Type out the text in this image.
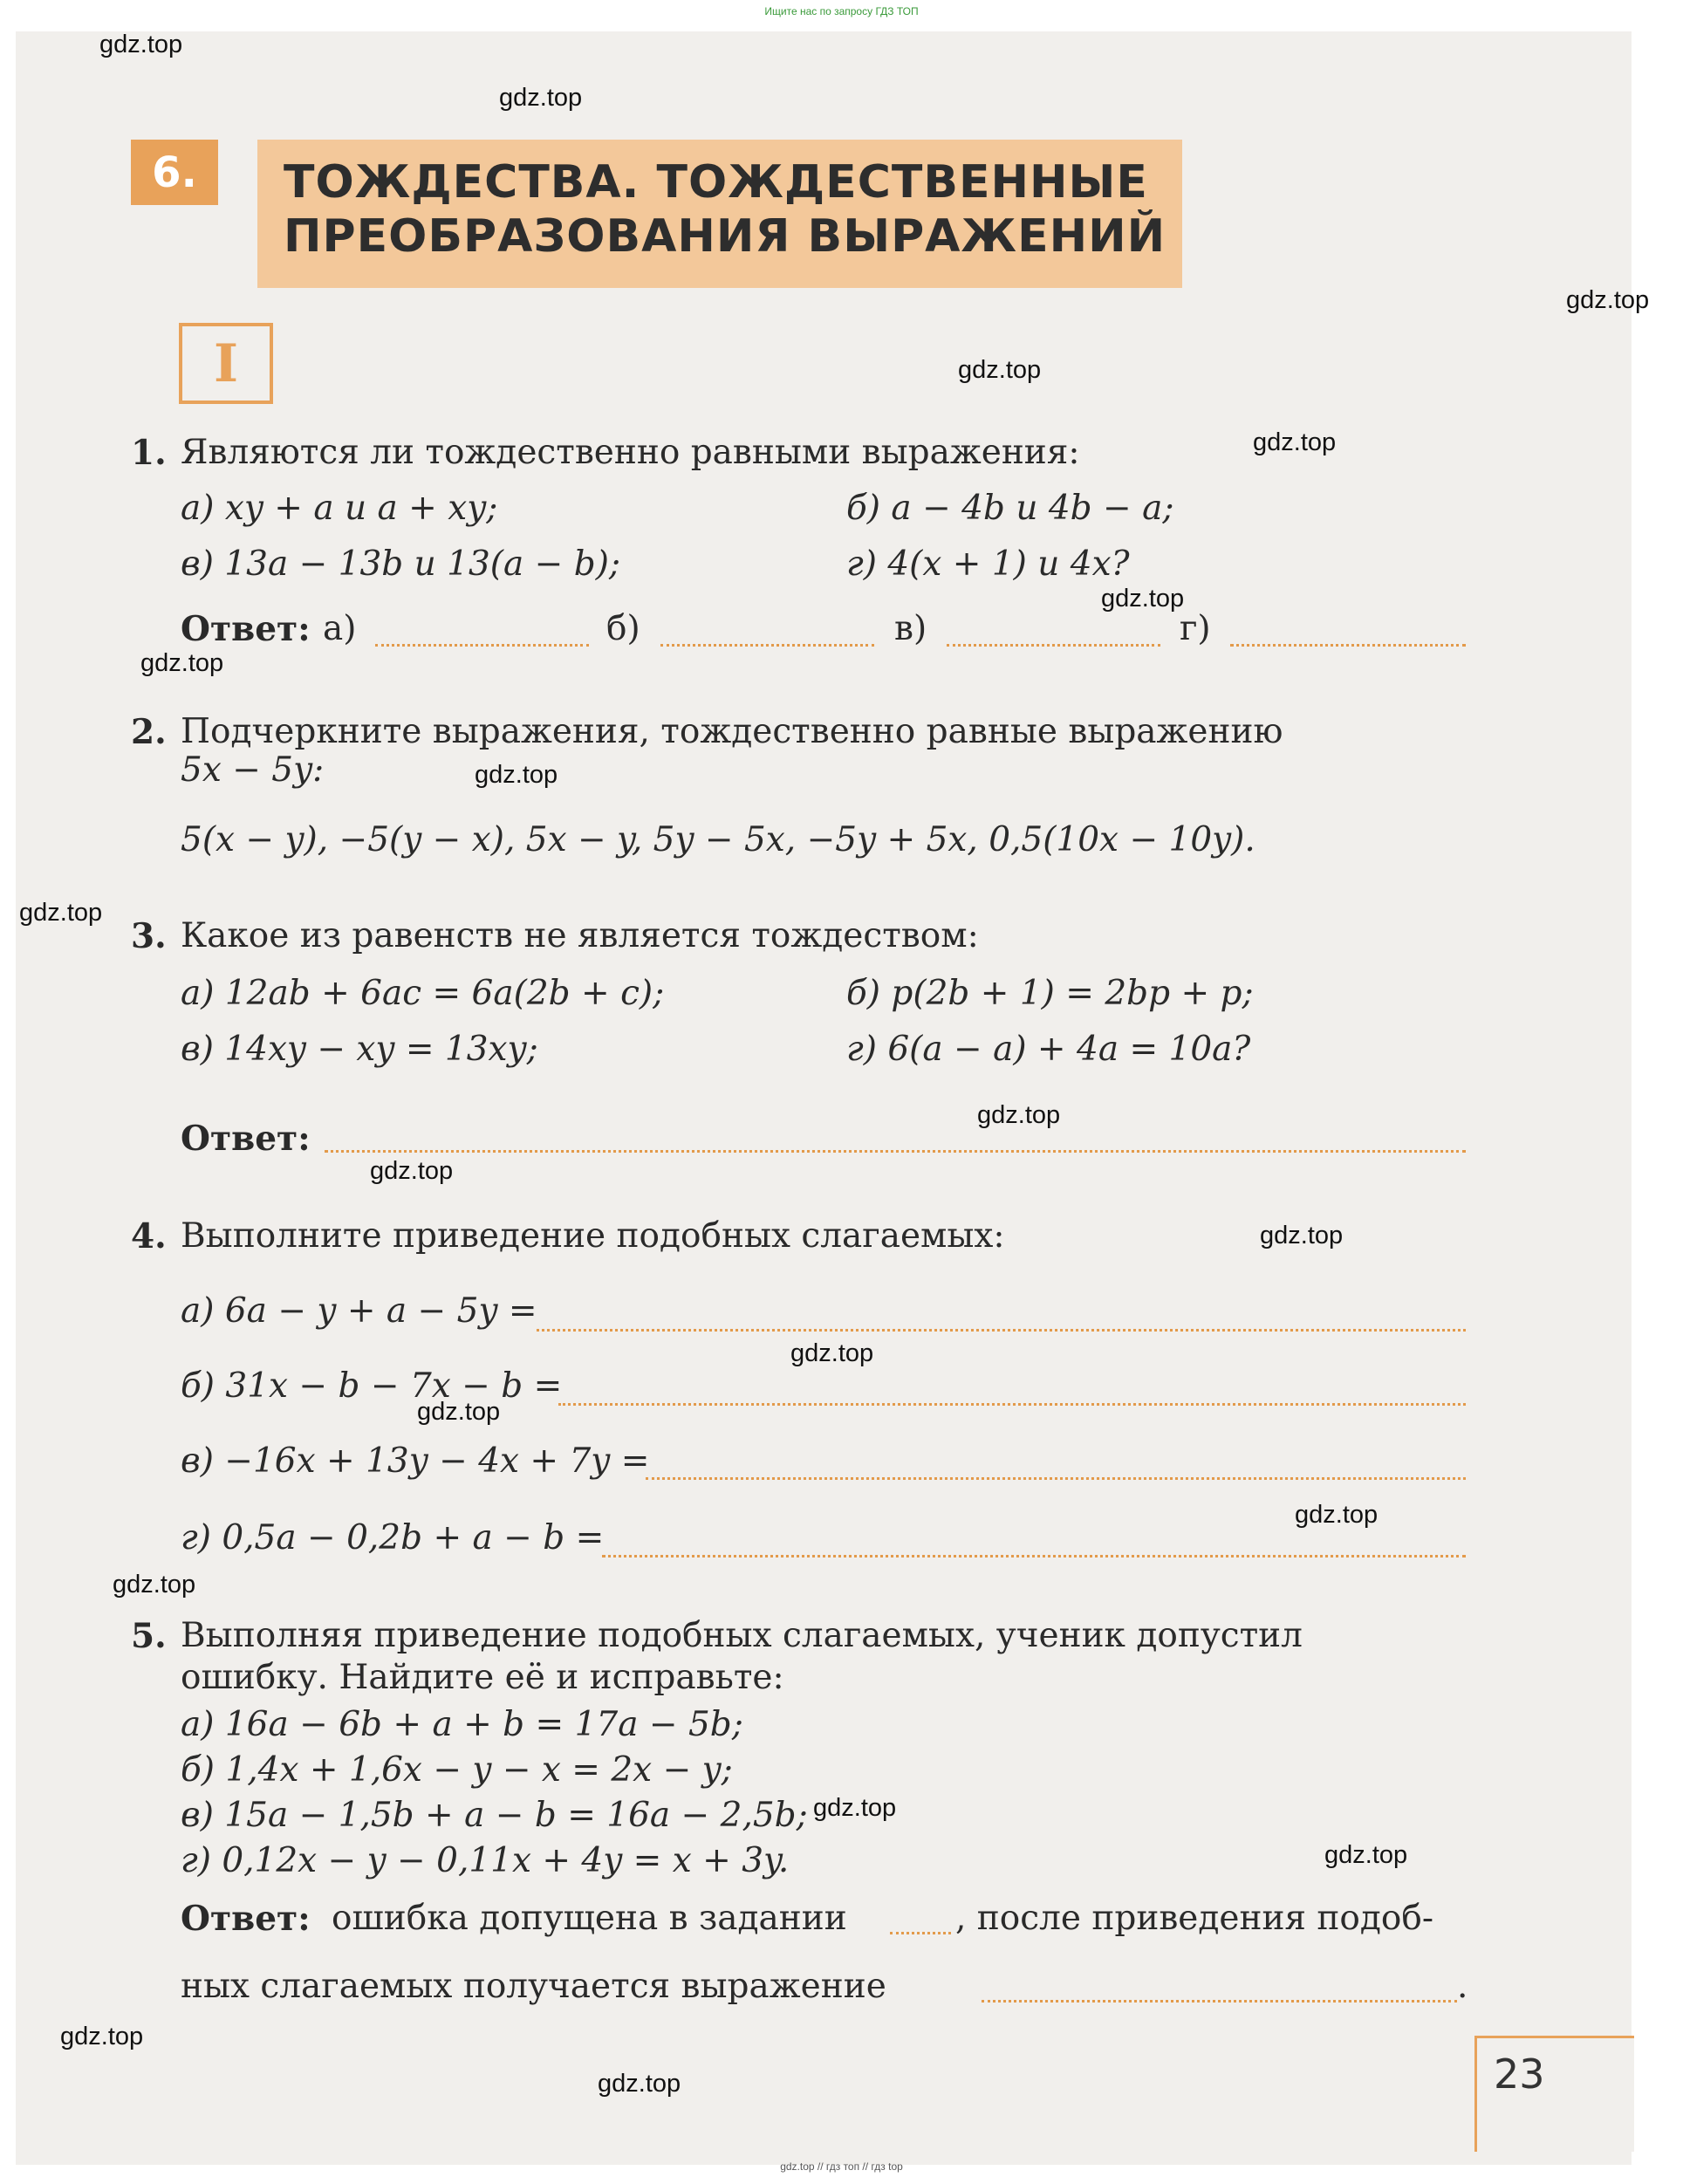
Ищите нас по запросу ГДЗ ТОП
6.	ТОЖДЕСТВА. ТОЖДЕСТВЕННЫЕ
ПРЕОБРАЗОВАНИЯ ВЫРАЖЕНИЙ
I
1. Являются ли тождественно равными выражения:
а) xy + a и a + xy;	б) a − 4b и 4b − a;
в) 13a − 13b и 13(a − b);	г) 4(x + 1) и 4x?
Ответ: а)	б)	в)	г)
2. Подчеркните выражения, тождественно равные выражению
5x − 5y:
5(x − y), −5(y − x), 5x − y, 5y − 5x, −5y + 5x, 0,5(10x − 10y).
3. Какое из равенств не является тождеством:
а) 12ab + 6ac = 6a(2b + c);	б) p(2b + 1) = 2bp + p;
в) 14xy − xy = 13xy;	г) 6(a − a) + 4a = 10a?
Ответ:
4. Выполните приведение подобных слагаемых:
а) 6a − y + a − 5y =
б) 31x − b − 7x − b =
в) −16x + 13y − 4x + 7y =
г) 0,5a − 0,2b + a − b =
5. Выполняя приведение подобных слагаемых, ученик допустил
ошибку. Найдите её и исправьте:
а) 16a − 6b + a + b = 17a − 5b;
б) 1,4x + 1,6x − y − x = 2x − y;
в) 15a − 1,5b + a − b = 16a − 2,5b;
г) 0,12x − y − 0,11x + 4y = x + 3y.
Ответ: ошибка допущена в задании	, после приведения подоб-
ных слагаемых получается выражение	.
23
gdz.top
gdz.top
gdz.top
gdz.top
gdz.top
gdz.top
gdz.top
gdz.top
gdz.top
gdz.top
gdz.top
gdz.top
gdz.top
gdz.top
gdz.top
gdz.top
gdz.top
gdz.top
gdz.top
gdz.top
gdz.top // гдз топ // гдз top
